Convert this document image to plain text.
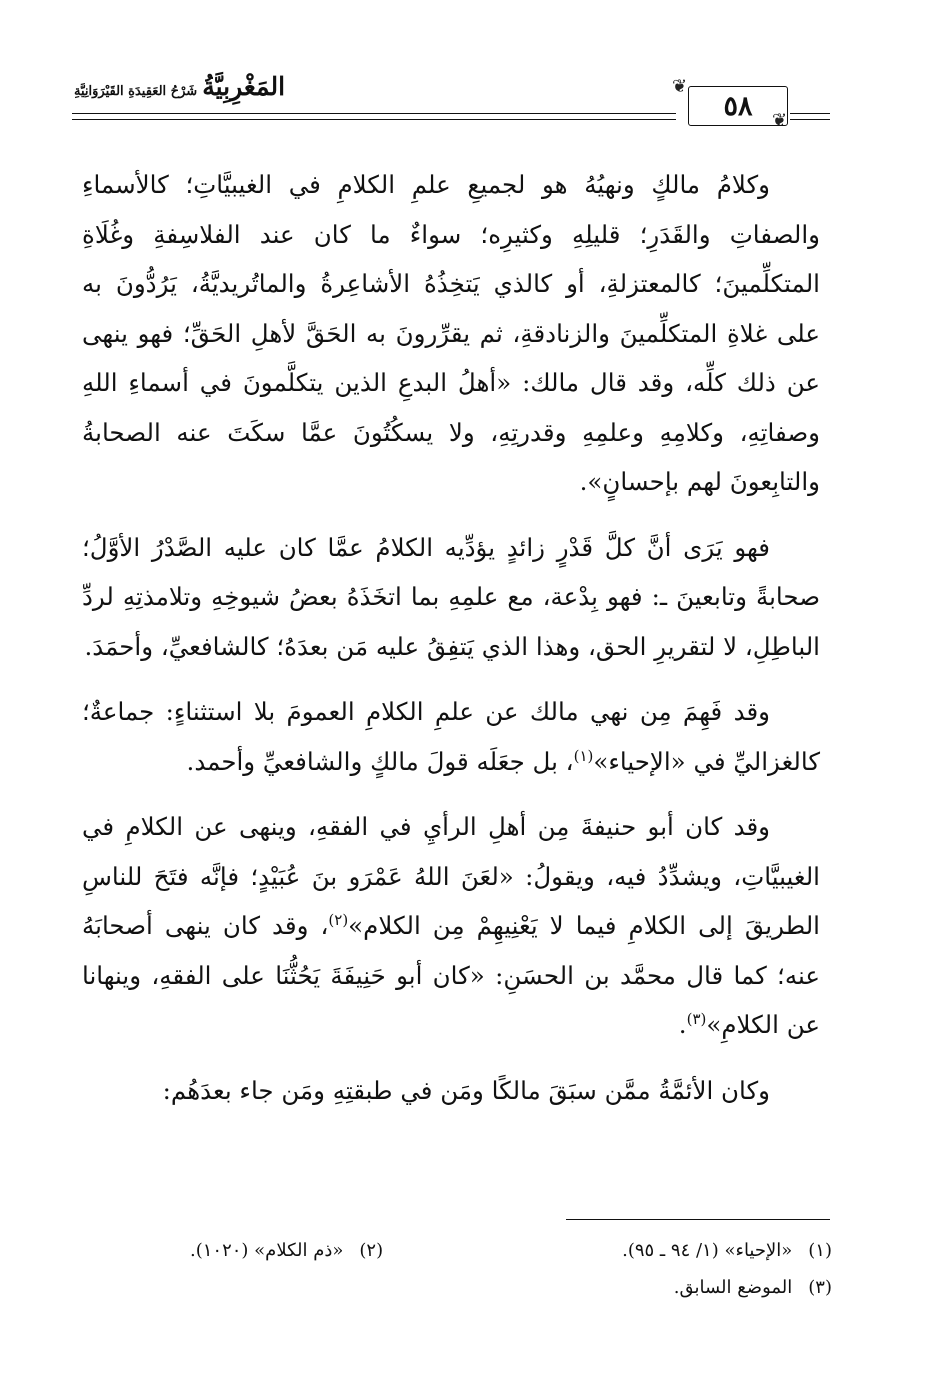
❦
❦
٥٨
المَغْرِبِيَّةُ شَرْحُ العَقِيدَةِ القَيْرَوَانِيَّةِ

وكلامُ مالكٍ ونهيُهُ هو لجميعِ علمِ الكلامِ في الغيبيَّاتِ؛ كالأسماءِ والصفاتِ والقَدَرِ؛ قليلِهِ وكثيرِه؛ سواءٌ ما كان عند الفلاسِفةِ وغُلَاةِ المتكلِّمينَ؛ كالمعتزلةِ، أو كالذي يَتخِذُهُ الأشاعِرةُ والماتُريديَّةُ، يَرُدُّونَ به على غلاةِ المتكلِّمينَ والزنادقةِ، ثم يقرِّرونَ به الحَقَّ لأهلِ الحَقِّ؛ فهو ينهى عن ذلك كلِّه، وقد قال مالك: «أهلُ البدعِ الذين يتكلَّمونَ في أسماءِ اللهِ وصفاتِهِ، وكلامِهِ وعلمِهِ وقدرتِهِ، ولا يسكُتُونَ عمَّا سكَتَ عنه الصحابةُ والتابِعونَ لهم بإحسانٍ».

فهو يَرَى أنَّ كلَّ قَدْرٍ زائدٍ يؤدِّيه الكلامُ عمَّا كان عليه الصَّدْرُ الأوَّلُ؛ صحابةً وتابعينَ ـ: فهو بِدْعة، مع علمِهِ بما اتخَذَهُ بعضُ شيوخِهِ وتلامذتِهِ لردِّ الباطِلِ، لا لتقريرِ الحق، وهذا الذي يَتفِقُ عليه مَن بعدَهُ؛ كالشافعيِّ، وأحمَدَ.

وقد فَهِمَ مِن نهي مالك عن علمِ الكلامِ العمومَ بلا استثناءٍ: جماعةٌ؛ كالغزاليِّ في «الإحياء»$^{(١)}$، بل جعَلَه قولَ مالكٍ والشافعيِّ وأحمد.

وقد كان أبو حنيفةَ مِن أهلِ الرأيِ في الفقهِ، وينهى عن الكلامِ في الغيبيَّاتِ، ويشدِّدُ فيه، ويقولُ: «لعَنَ اللهُ عَمْرَو بنَ عُبَيْدٍ؛ فإنَّه فتَحَ للناسِ الطريقَ إلى الكلامِ فيما لا يَعْنِيهِمْ مِن الكلام»$^{(٢)}$، وقد كان ينهى أصحابَهُ عنه؛ كما قال محمَّد بن الحسَنِ: «كان أبو حَنِيفَةَ يَحُثُّنَا على الفقهِ، وينهانا عن الكلامِ»$^{(٣)}$.

وكان الأئمَّةُ ممَّن سبَقَ مالكًا ومَن في طبقتِهِ ومَن جاء بعدَهُم:

(١)«الإحياء» (١/ ٩٤ ـ ٩٥).
(٢)«ذم الكلام» (١٠٢٠).
(٣)الموضع السابق.
